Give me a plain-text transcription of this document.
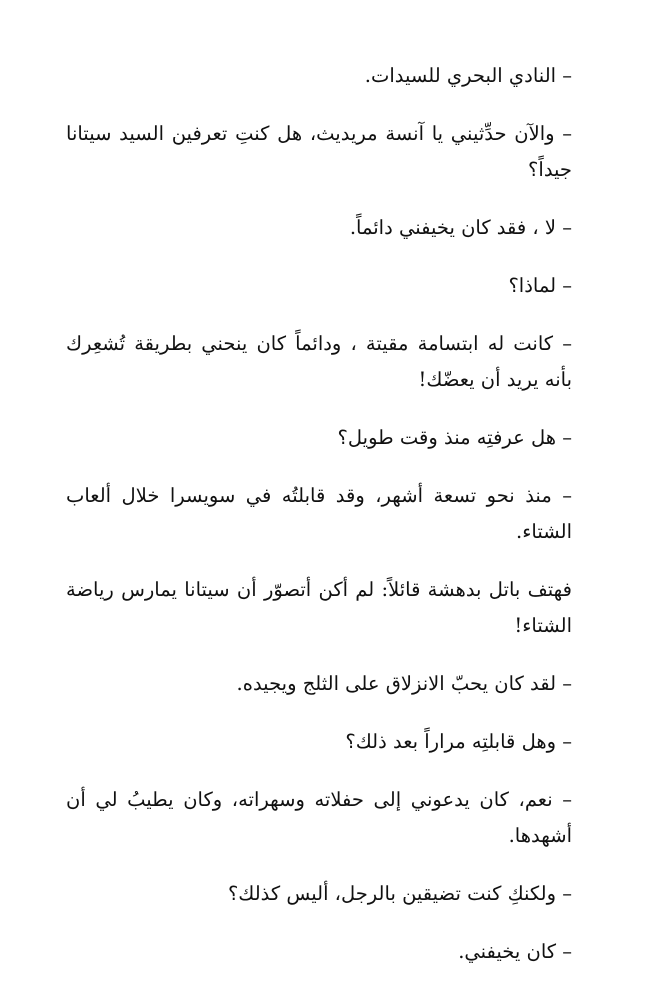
– النادي البحري للسيدات.

– والآن حدِّثيني يا آنسة مريديث، هل كنتِ تعرفين السيد سيتانا جيداً؟

– لا ، فقد كان يخيفني دائماً.

– لماذا؟

– كانت له ابتسامة مقيتة ، ودائماً كان ينحني بطريقة تُشعِرك بأنه يريد أن يعضّك!

– هل عرفتِه منذ وقت طويل؟

– منذ نحو تسعة أشهر، وقد قابلتُه في سويسرا خلال ألعاب الشتاء.

فهتف باتل بدهشة قائلاً: لم أكن أتصوّر أن سيتانا يمارس رياضة الشتاء!

– لقد كان يحبّ الانزلاق على الثلج ويجيده.

– وهل قابلتِه مراراً بعد ذلك؟

– نعم، كان يدعوني إلى حفلاته وسهراته، وكان يطيبُ لي أن أشهدها.

– ولكنكِ كنت تضيقين بالرجل، أليس كذلك؟

– كان يخيفني.
